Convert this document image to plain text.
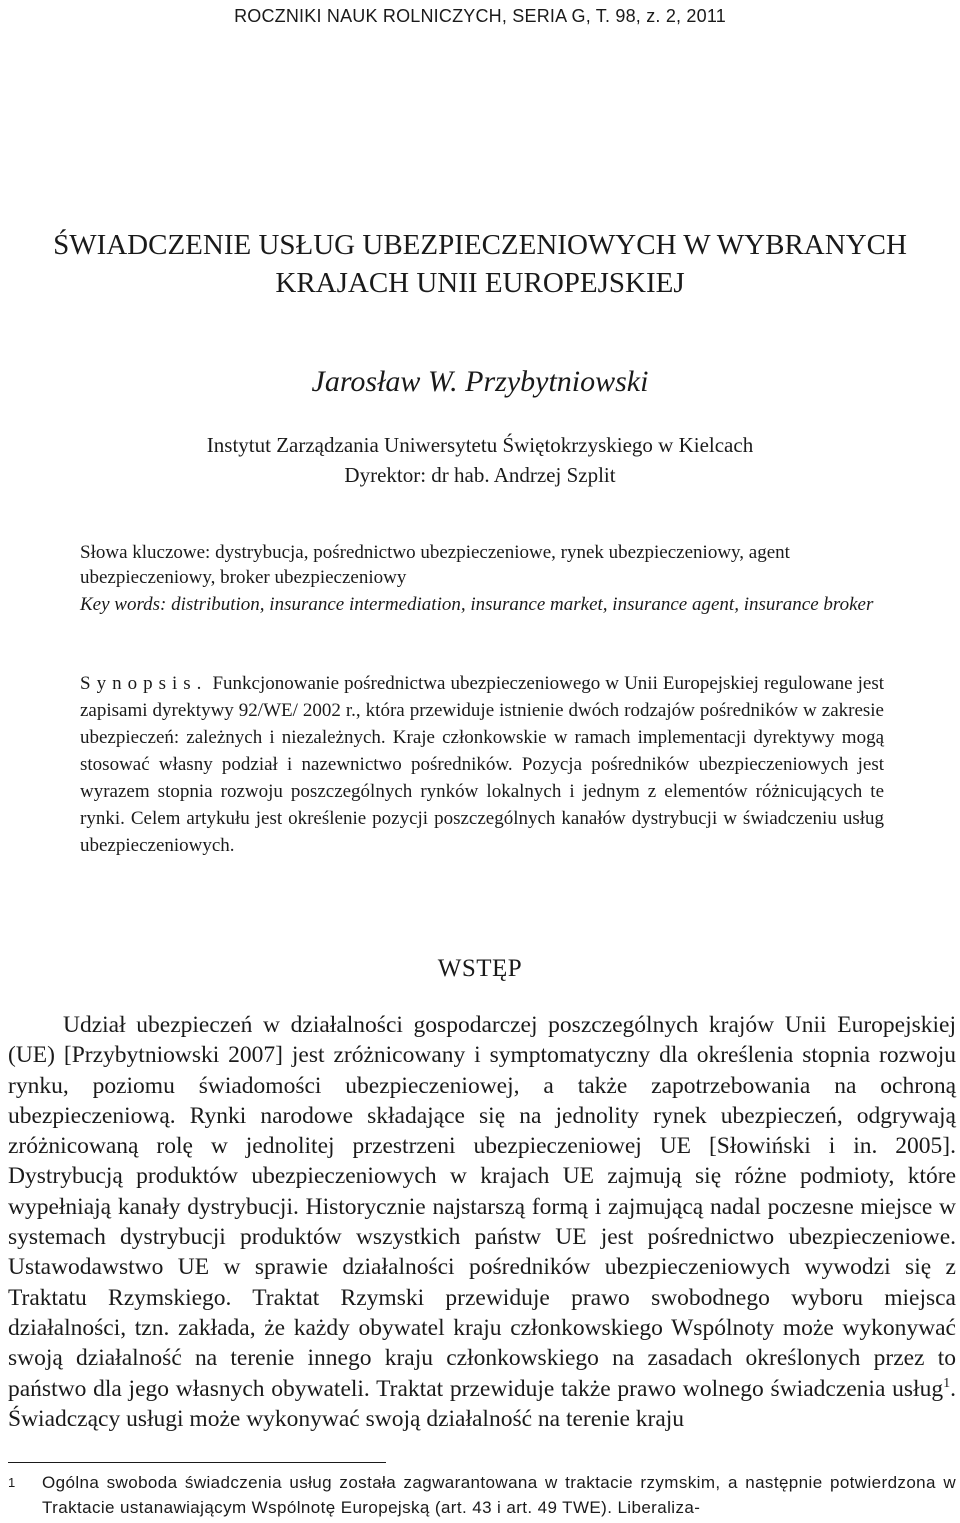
ROCZNIKI NAUK ROLNICZYCH, SERIA G, T. 98, z. 2, 2011
ŚWIADCZENIE USŁUG UBEZPIECZENIOWYCH W WYBRANYCH
KRAJACH UNII EUROPEJSKIEJ
Jarosław W. Przybytniowski
Instytut Zarządzania Uniwersytetu Świętokrzyskiego w Kielcach
Dyrektor: dr hab. Andrzej Szplit
Słowa kluczowe: dystrybucja, pośrednictwo ubezpieczeniowe, rynek ubezpieczeniowy, agent ubezpieczeniowy, broker ubezpieczeniowy
Key words: distribution, insurance intermediation, insurance market, insurance agent, insurance broker
Synopsis. Funkcjonowanie pośrednictwa ubezpieczeniowego w Unii Europejskiej regulowane jest zapisami dyrektywy 92/WE/ 2002 r., która przewiduje istnienie dwóch rodzajów pośredników w zakresie ubezpieczeń: zależnych i niezależnych. Kraje członkowskie w ramach implementacji dyrektywy mogą stosować własny podział i nazewnictwo pośredników. Pozycja pośredników ubezpieczeniowych jest wyrazem stopnia rozwoju poszczególnych rynków lokalnych i jednym z elementów różnicujących te rynki. Celem artykułu jest określenie pozycji poszczególnych kanałów dystrybucji w świadczeniu usług ubezpieczeniowych.
WSTĘP
Udział ubezpieczeń w działalności gospodarczej poszczególnych krajów Unii Europejskiej (UE) [Przybytniowski 2007] jest zróżnicowany i symptomatyczny dla określenia stopnia rozwoju rynku, poziomu świadomości ubezpieczeniowej, a także zapotrzebowania na ochroną ubezpieczeniową. Rynki narodowe składające się na jednolity rynek ubezpieczeń, odgrywają zróżnicowaną rolę w jednolitej przestrzeni ubezpieczeniowej UE [Słowiński i in. 2005]. Dystrybucją produktów ubezpieczeniowych w krajach UE zajmują się różne podmioty, które wypełniają kanały dystrybucji. Historycznie najstarszą formą i zajmującą nadal poczesne miejsce w systemach dystrybucji produktów wszystkich państw UE jest pośrednictwo ubezpieczeniowe. Ustawodawstwo UE w sprawie działalności pośredników ubezpieczeniowych wywodzi się z Traktatu Rzymskiego. Traktat Rzymski przewiduje prawo swobodnego wyboru miejsca działalności, tzn. zakłada, że każdy obywatel kraju członkowskiego Wspólnoty może wykonywać swoją działalność na terenie innego kraju członkowskiego na zasadach określonych przez to państwo dla jego własnych obywateli. Traktat przewiduje także prawo wolnego świadczenia usług$^1$. Świadczący usługi może wykonywać swoją działalność na terenie kraju
1 Ogólna swoboda świadczenia usług została zagwarantowana w traktacie rzymskim, a następnie potwierdzona w Traktacie ustanawiającym Wspólnotę Europejską (art. 43 i art. 49 TWE). Liberaliza-
